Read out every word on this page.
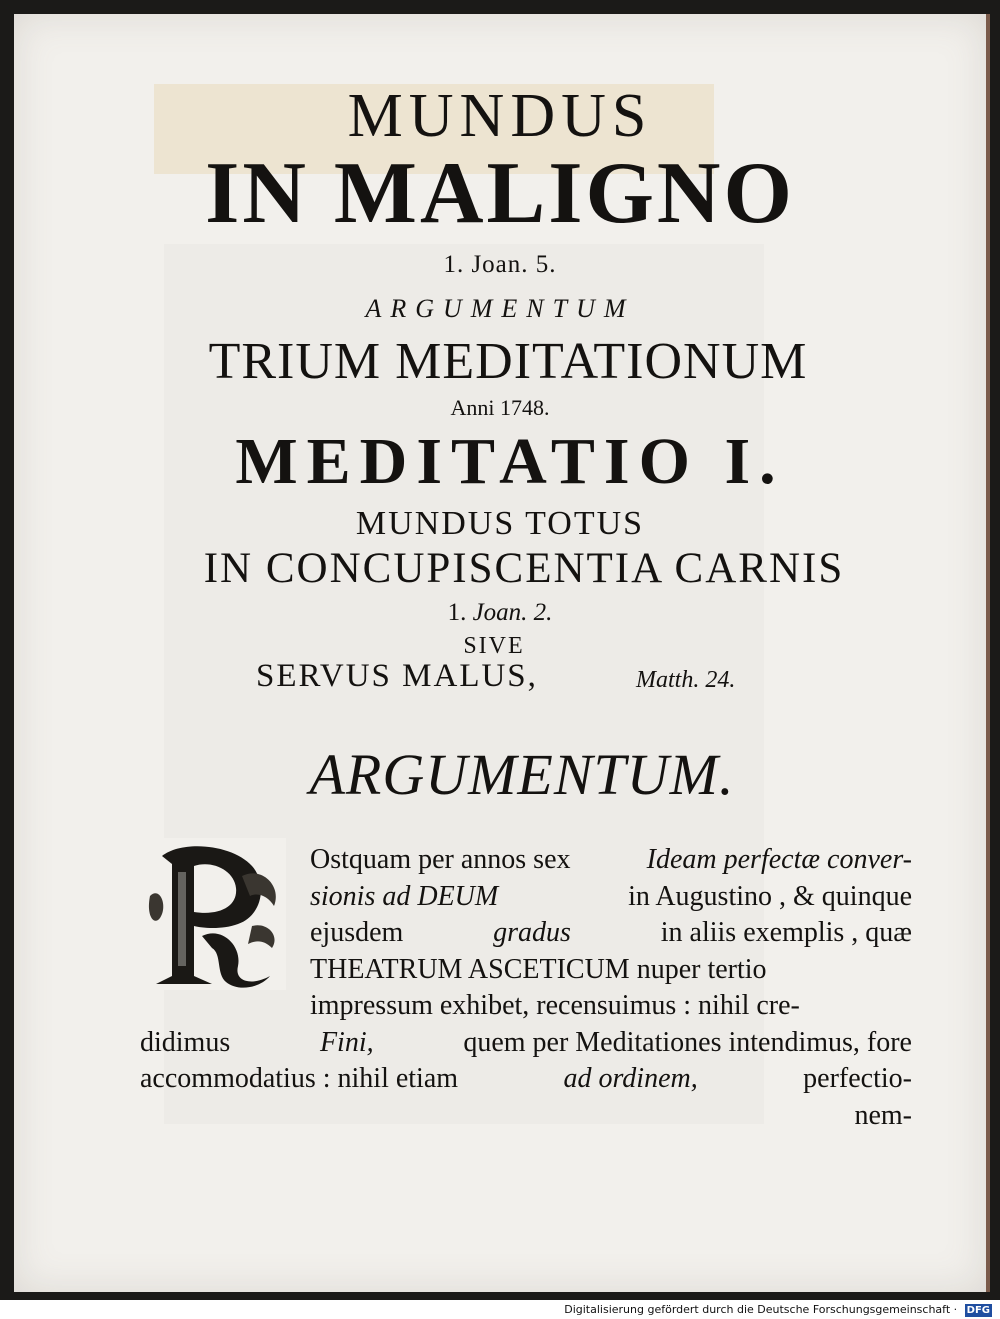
MUNDUS
IN MALIGNO
1. Joan. 5.
ARGUMENTUM
TRIUM MEDITATIONUM
Anni 1748.
MEDITATIO I.
MUNDUS TOTUS
IN CONCUPISCENTIA CARNIS
1. Joan. 2.
SIVE
SERVUS MALUS,	Matth. 24.
ARGUMENTUM.
Ostquam per annos sex	Ideam perfectæ conver-
sionis ad DEUM	in Augustino , & quinque
ejusdem	gradus	in aliis exemplis , quæ
THEATRUM ASCETICUM nuper tertio
impressum exhibet, recensuimus : nihil cre-
didimus	Fini,	quem per Meditationes intendimus, fore
accommodatius : nihil etiam	ad ordinem,	perfectio-
nem-
Digitalisierung gefördert durch die Deutsche Forschungsgemeinschaft · DFG
